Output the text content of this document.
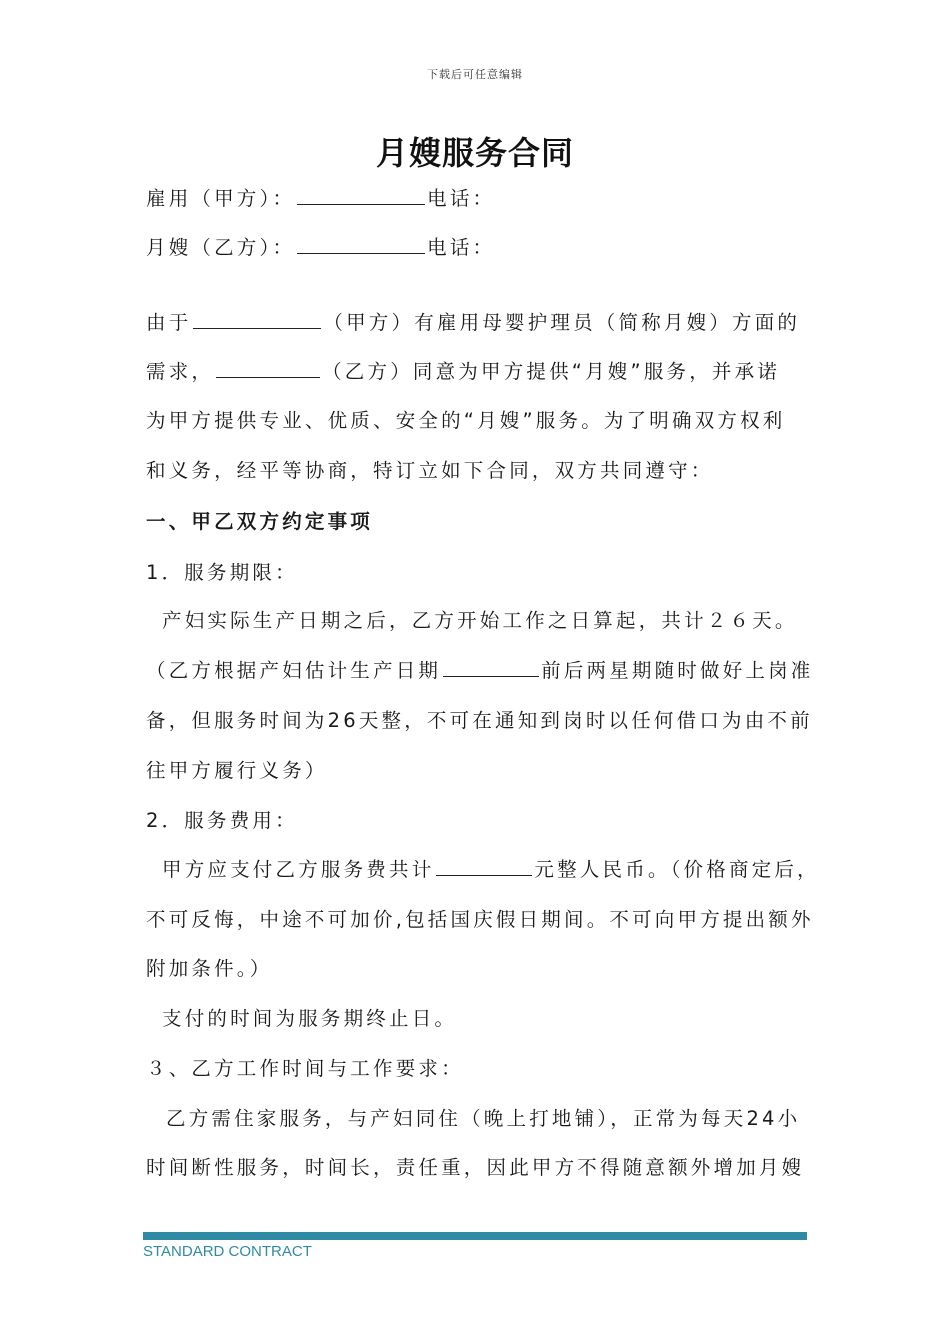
下载后可任意编辑
月嫂服务合同
雇用（甲方）：	电话：
月嫂（乙方）：	电话：
由于	（甲方）有雇用母婴护理员（简称月嫂）方面的
需求，	（乙方）同意为甲方提供“月嫂”服务，并承诺
为甲方提供专业、优质、安全的“月嫂”服务。为了明确双方权利
和义务，经平等协商，特订立如下合同，双方共同遵守：
一、甲乙双方约定事项
1．服务期限：
产妇实际生产日期之后，乙方开始工作之日算起，共计２６天。
（乙方根据产妇估计生产日期	前后两星期随时做好上岗准
备，但服务时间为26天整，不可在通知到岗时以任何借口为由不前
往甲方履行义务）
2．服务费用：
甲方应支付乙方服务费共计	元整人民币。（价格商定后，
不可反悔，中途不可加价,包括国庆假日期间。不可向甲方提出额外
附加条件。）
支付的时间为服务期终止日。
３、乙方工作时间与工作要求：
乙方需住家服务，与产妇同住（晚上打地铺），正常为每天24小
时间断性服务，时间长，责任重，因此甲方不得随意额外增加月嫂
STANDARD CONTRACT
